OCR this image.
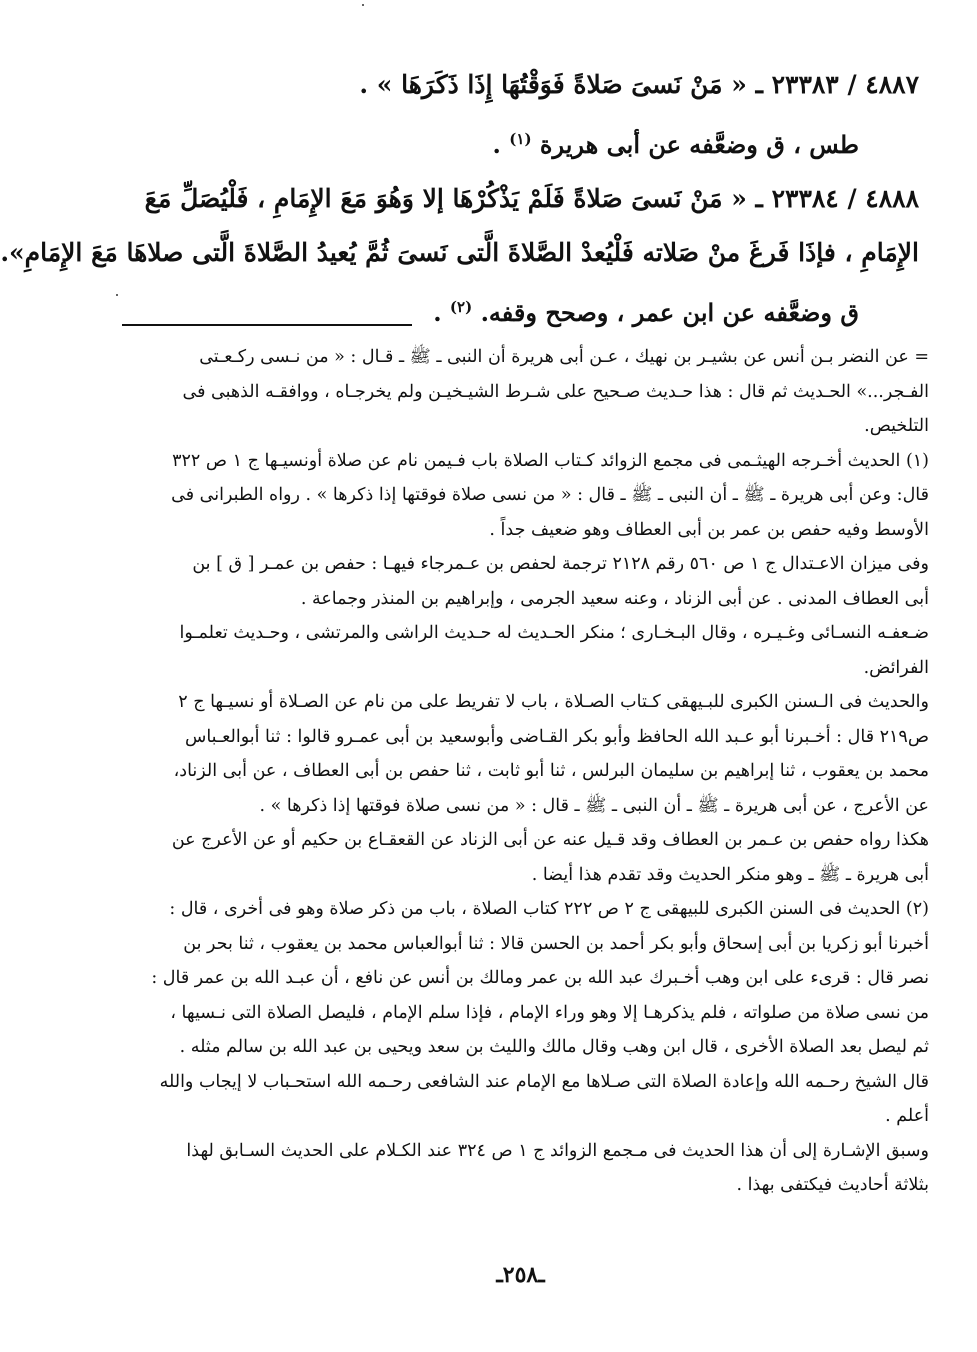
٤٨٨٧ / ٢٣٣٨٣ ـ « مَنْ نَسىَ صَلاةً فَوَقْتُهَا إِذَا ذَكَرَهَا » .
طس ، ق وضعَّفه عن أبى هريرة $^{(١)}$ .
٤٨٨٨ / ٢٣٣٨٤ ـ « مَنْ نَسىَ صَلاةً فَلَمْ يَذْكُرْهَا إلا وَهُوَ مَعَ الإِمَامِ ، فَلْيُصَلِّ مَعَ
الإِمَامِ ، فإذَا فَرغَ منْ صَلاته فَلْيُعدْ الصَّلاةَ الَّتى نَسىَ ثُمَّ يُعيدُ الصَّلاةَ الَّتى صلاهَا مَعَ الإِمَامِ».
ق وضعَّفه عن ابن عمر ، وصحح وقفه. $^{(٢)}$ .
= عن النضر بـن أنس عن بشيـر بن نهيك ، عـن أبى هريرة أن النبى ـ ﷺ ـ قـال : « من نـسى ركـعـتى
الفـجر...» الحـديث ثم قال : هذا حـديث صـحيح على شـرط الشيـخيـن ولم يخرجـاه ، ووافقـه الذهبى فى
التلخيص.
(١) الحديث أخـرجه الهيثـمى فى مجمع الزوائد كـتاب الصلاة باب فـيمن نام عن صلاة أونسيـها ج ١ ص ٣٢٢
قال: وعن أبى هريرة ـ ﷺ ـ أن النبى ـ ﷺ ـ قال : « من نسى صلاة فوقتها إذا ذكرها » . رواه الطبرانى فى
الأوسط وفيه حفص بن عمر بن أبى العطاف وهو ضعيف جداً .
وفى ميزان الاعـتدال ج ١ ص ٥٦٠ رقم ٢١٢٨ ترجمة لحفص بن عـمرجاء فيهـا : حفص بن عمـر [ ق ] بن
أبى العطاف المدنى . عن أبى الزناد ، وعنه سعيد الجرمى ، وإبراهيم بن المنذر وجماعة .
ضـعفـه النسـائى وغـيـره ، وقال البـخـارى ؛ منكر الحـديث له حـديث الراشى والمرتشى ، وحـديث تعلمـوا
الفرائض.
والحديث فى الـسنن الكبرى للبـيهقى كـتاب الصـلاة ، باب لا تفريط على من نام عن الصـلاة أو نسيـها ج ٢
ص٢١٩ قال : أخـبرنا أبو عـبد الله الحافظ وأبو بكر القـاضى وأبوسعيد بن أبى عمـرو قالوا : ثنا أبوالعـباس
محمد بن يعقوب ، ثنا إبراهيم بن سليمان البرلس ، ثنا أبو ثابت ، ثنا حفص بن أبى العطاف ، عن أبى الزناد،
عن الأعرج ، عن أبى هريرة ـ ﷺ ـ أن النبى ـ ﷺ ـ قال : « من نسى صلاة فوقتها إذا ذكرها » .
هكذا رواه حفص بن عـمر بن العطاف وقد قـيل عنه عن أبى الزناد عن القعقـاع بن حكيم أو عن الأعرج عن
أبى هريرة ـ ﷺ ـ وهو منكر الحديث وقد تقدم هذا أيضا .
(٢) الحديث فى السنن الكبرى للبيهقى ج ٢ ص ٢٢٢ كتاب الصلاة ، باب من ذكر صلاة وهو فى أخرى ، قال :
أخبرنا أبو زكريا بن أبى إسحاق وأبو بكر أحمد بن الحسن قالا : ثنا أبوالعباس محمد بن يعقوب ، ثنا بحر بن
نصر قال : قرىء على ابن وهب أخـبرك عبد الله بن عمر ومالك بن أنس عن نافع ، أن عبـد الله بن عمر قال :
من نسى صلاة من صلواته ، فلم يذكرهـا إلا وهو وراء الإمام ، فإذا سلم الإمام ، فليصل الصلاة التى نـسيها ،
ثم ليصل بعد الصلاة الأخرى ، قال ابن وهب وقال مالك والليث بن سعد ويحيى بن عبد الله بن سالم مثله .
قال الشيخ رحـمه الله وإعادة الصلاة التى صـلاها مع الإمام عند الشافعى رحـمه الله استحـباب لا إيجاب والله
أعلم .
وسبق الإشـارة إلى أن هذا الحديث فى مـجمع الزوائد ج ١ ص ٣٢٤ عند الكـلام على الحديث السـابق لهذا
بثلاثة أحاديث فيكتفى بهذا .
ـ٢٥٨ـ
